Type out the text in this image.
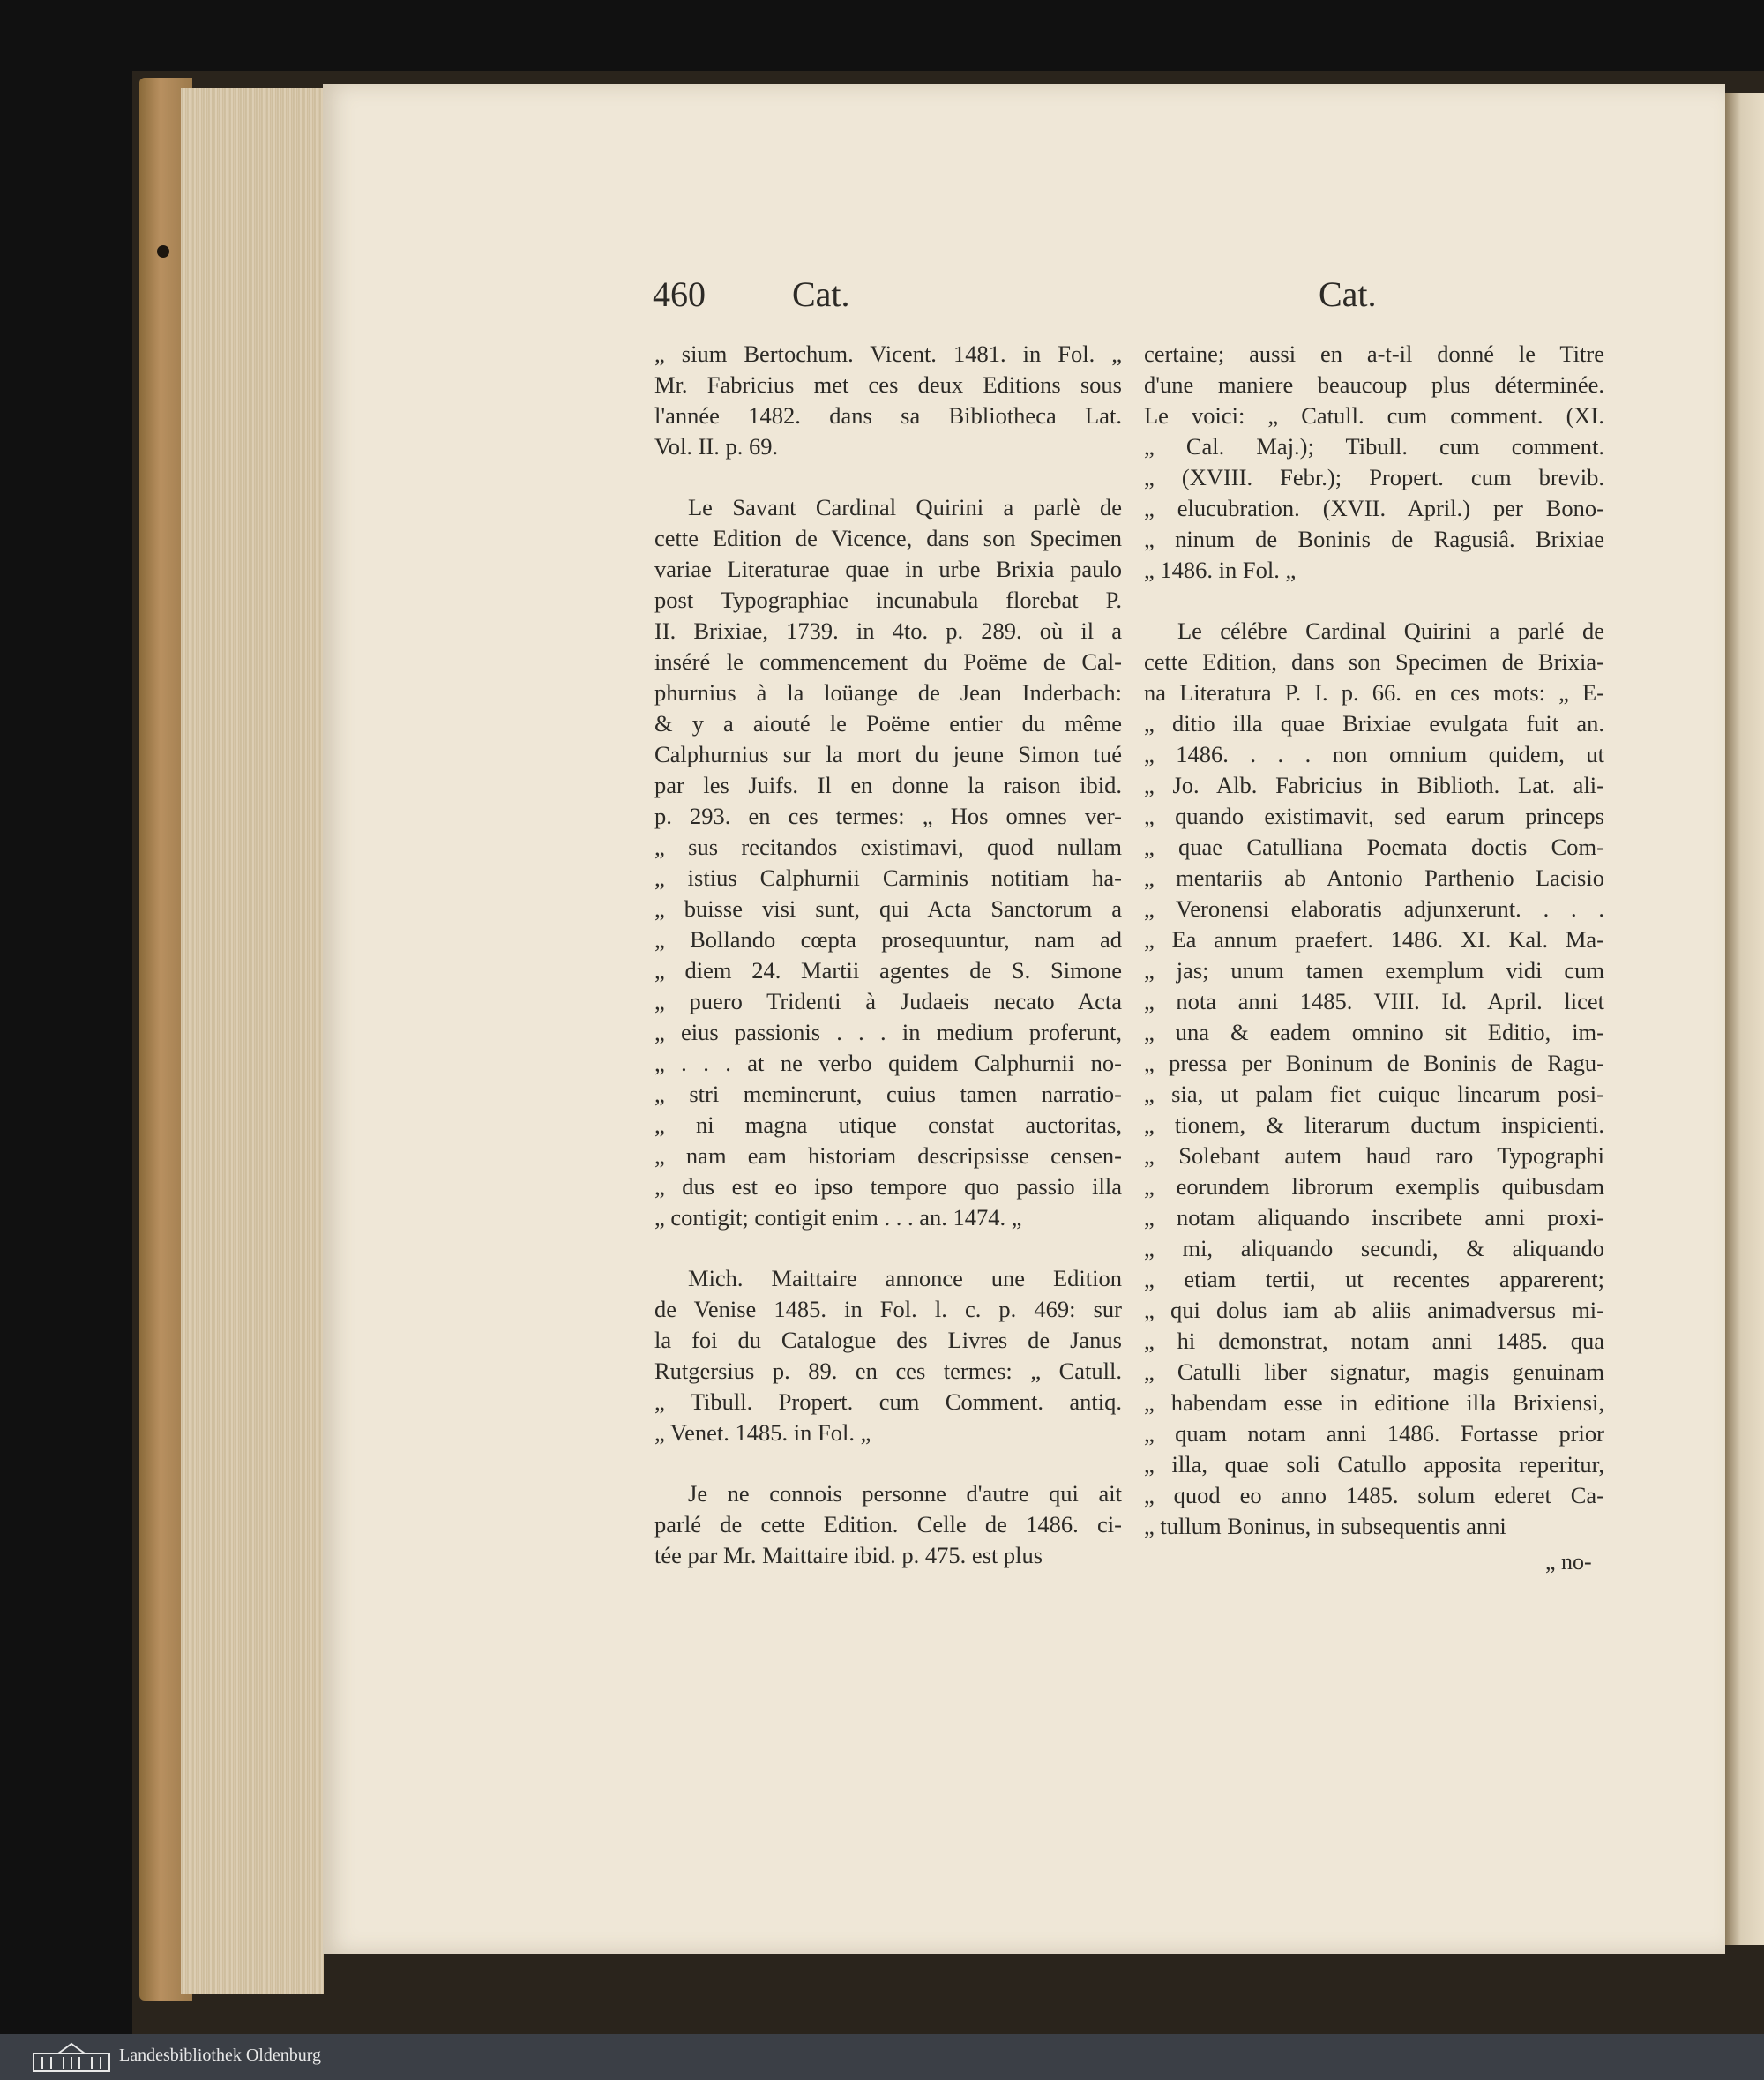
460 Cat.	Cat.
„ sium Bertochum. Vicent. 1481. in Fol. „
Mr. Fabricius met ces deux Editions sous
l'année 1482. dans sa Bibliotheca Lat.
Vol. II. p. 69.
Le Savant Cardinal Quirini a parlè de
cette Edition de Vicence, dans son Specimen
variae Literaturae quae in urbe Brixia paulo
post Typographiae incunabula florebat P.
II. Brixiae, 1739. in 4to. p. 289. où il a
inséré le commencement du Poëme de Cal-
phurnius à la loüange de Jean Inderbach:
& y a aiouté le Poëme entier du même
Calphurnius sur la mort du jeune Simon tué
par les Juifs. Il en donne la raison ibid.
p. 293. en ces termes: „ Hos omnes ver-
„ sus recitandos existimavi, quod nullam
„ istius Calphurnii Carminis notitiam ha-
„ buisse visi sunt, qui Acta Sanctorum a
„ Bollando cœpta prosequuntur, nam ad
„ diem 24. Martii agentes de S. Simone
„ puero Tridenti à Judaeis necato Acta
„ eius passionis . . . in medium proferunt,
„ . . . at ne verbo quidem Calphurnii no-
„ stri meminerunt, cuius tamen narratio-
„ ni magna utique constat auctoritas,
„ nam eam historiam descripsisse censen-
„ dus est eo ipso tempore quo passio illa
„ contigit; contigit enim . . . an. 1474. „
Mich. Maittaire annonce une Edition
de Venise 1485. in Fol. l. c. p. 469: sur
la foi du Catalogue des Livres de Janus
Rutgersius p. 89. en ces termes: „ Catull.
„ Tibull. Propert. cum Comment. antiq.
„ Venet. 1485. in Fol. „
Je ne connois personne d'autre qui ait
parlé de cette Edition. Celle de 1486. ci-
tée par Mr. Maittaire ibid. p. 475. est plus
certaine; aussi en a-t-il donné le Titre
d'une maniere beaucoup plus déterminée.
Le voici: „ Catull. cum comment. (XI.
„ Cal. Maj.); Tibull. cum comment.
„ (XVIII. Febr.); Propert. cum brevib.
„ elucubration. (XVII. April.) per Bono-
„ ninum de Boninis de Ragusiâ. Brixiae
„ 1486. in Fol. „
Le célébre Cardinal Quirini a parlé de
cette Edition, dans son Specimen de Brixia-
na Literatura P. I. p. 66. en ces mots: „ E-
„ ditio illa quae Brixiae evulgata fuit an.
„ 1486. . . . non omnium quidem, ut
„ Jo. Alb. Fabricius in Biblioth. Lat. ali-
„ quando existimavit, sed earum princeps
„ quae Catulliana Poemata doctis Com-
„ mentariis ab Antonio Parthenio Lacisio
„ Veronensi elaboratis adjunxerunt. . . .
„ Ea annum praefert. 1486. XI. Kal. Ma-
„ jas; unum tamen exemplum vidi cum
„ nota anni 1485. VIII. Id. April. licet
„ una & eadem omnino sit Editio, im-
„ pressa per Boninum de Boninis de Ragu-
„ sia, ut palam fiet cuique linearum posi-
„ tionem, & literarum ductum inspicienti.
„ Solebant autem haud raro Typographi
„ eorundem librorum exemplis quibusdam
„ notam aliquando inscribete anni proxi-
„ mi, aliquando secundi, & aliquando
„ etiam tertii, ut recentes apparerent;
„ qui dolus iam ab aliis animadversus mi-
„ hi demonstrat, notam anni 1485. qua
„ Catulli liber signatur, magis genuinam
„ habendam esse in editione illa Brixiensi,
„ quam notam anni 1486. Fortasse prior
„ illa, quae soli Catullo apposita reperitur,
„ quod eo anno 1485. solum ederet Ca-
„ tullum Boninus, in subsequentis anni
„ no-
Landesbibliothek Oldenburg
